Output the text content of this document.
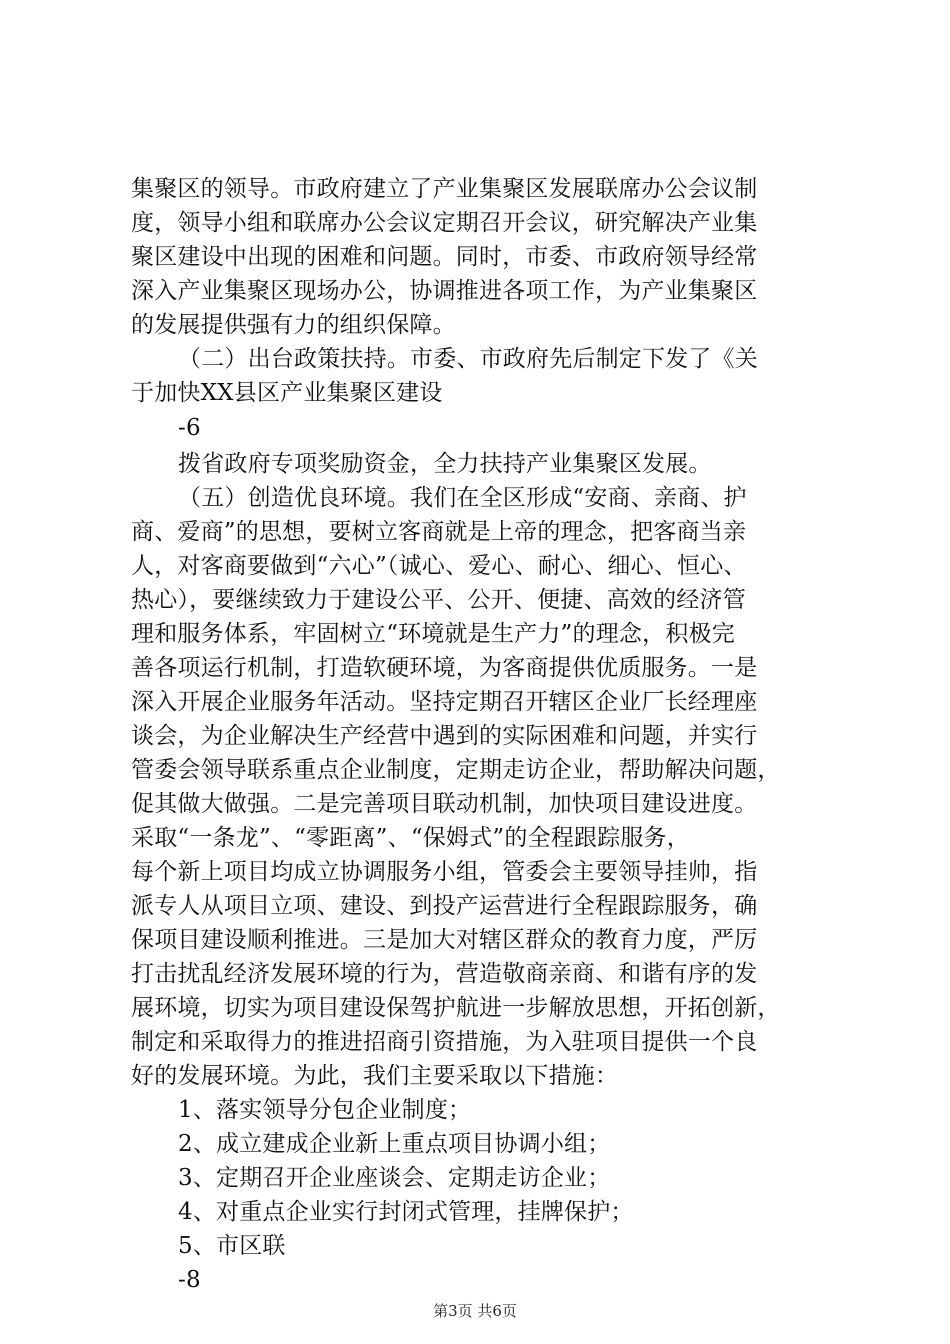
集聚区的领导。市政府建立了产业集聚区发展联席办公会议制
度，领导小组和联席办公会议定期召开会议，研究解决产业集
聚区建设中出现的困难和问题。同时，市委、市政府领导经常
深入产业集聚区现场办公，协调推进各项工作，为产业集聚区
的发展提供强有力的组织保障。
（二）出台政策扶持。市委、市政府先后制定下发了《关
于加快XX县区产业集聚区建设
-6
拨省政府专项奖励资金，全力扶持产业集聚区发展。
（五）创造优良环境。我们在全区形成“安商、亲商、护
商、爱商”的思想，要树立客商就是上帝的理念，把客商当亲
人，对客商要做到“六心”（诚心、爱心、耐心、细心、恒心、
热心），要继续致力于建设公平、公开、便捷、高效的经济管
理和服务体系，牢固树立“环境就是生产力”的理念，积极完
善各项运行机制，打造软硬环境，为客商提供优质服务。一是
深入开展企业服务年活动。坚持定期召开辖区企业厂长经理座
谈会，为企业解决生产经营中遇到的实际困难和问题，并实行
管委会领导联系重点企业制度，定期走访企业，帮助解决问题，
促其做大做强。二是完善项目联动机制，加快项目建设进度。
采取“一条龙”、“零距离”、“保姆式”的全程跟踪服务，
每个新上项目均成立协调服务小组，管委会主要领导挂帅，指
派专人从项目立项、建设、到投产运营进行全程跟踪服务，确
保项目建设顺利推进。三是加大对辖区群众的教育力度，严厉
打击扰乱经济发展环境的行为，营造敬商亲商、和谐有序的发
展环境，切实为项目建设保驾护航进一步解放思想，开拓创新，
制定和采取得力的推进招商引资措施，为入驻项目提供一个良
好的发展环境。为此，我们主要采取以下措施：
1、落实领导分包企业制度；
2、成立建成企业新上重点项目协调小组；
3、定期召开企业座谈会、定期走访企业；
4、对重点企业实行封闭式管理，挂牌保护；
5、市区联
-8
第3页 共6页
